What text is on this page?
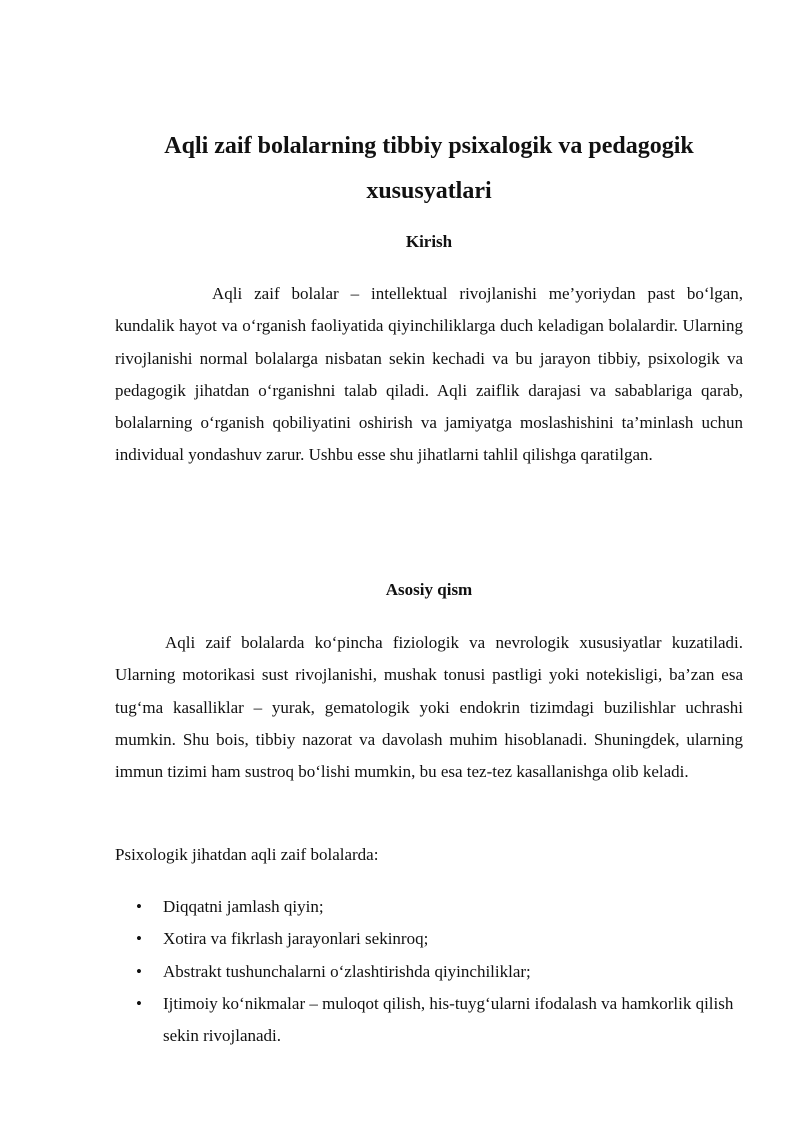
Aqli zaif bolalarning tibbiy psixalogik va pedagogik xususyatlari
Kirish

Aqli zaif bolalar – intellektual rivojlanishi me’yoriydan past bo‘lgan, kundalik hayot va o‘rganish faoliyatida qiyinchiliklarga duch keladigan bolalardir. Ularning rivojlanishi normal bolalarga nisbatan sekin kechadi va bu jarayon tibbiy, psixologik va pedagogik jihatdan o‘rganishni talab qiladi. Aqli zaiflik darajasi va sabablariga qarab, bolalarning o‘rganish qobiliyatini oshirish va jamiyatga moslashishini ta’minlash uchun individual yondashuv zarur. Ushbu esse shu jihatlarni tahlil qilishga qaratilgan.

Asosiy qism

Aqli zaif bolalarda ko‘pincha fiziologik va nevrologik xususiyatlar kuzatiladi. Ularning motorikasi sust rivojlanishi, mushak tonusi pastligi yoki notekisligi, ba’zan esa tug‘ma kasalliklar – yurak, gematologik yoki endokrin tizimdagi buzilishlar uchrashi mumkin. Shu bois, tibbiy nazorat va davolash muhim hisoblanadi. Shuningdek, ularning immun tizimi ham sustroq bo‘lishi mumkin, bu esa tez-tez kasallanishga olib keladi.

Psixologik jihatdan aqli zaif bolalarda:

• Diqqatni jamlash qiyin;
• Xotira va fikrlash jarayonlari sekinroq;
• Abstrakt tushunchalarni o‘zlashtirishda qiyinchiliklar;
• Ijtimoiy ko‘nikmalar – muloqot qilish, his-tuyg‘ularni ifodalash va hamkorlik qilish sekin rivojlanadi.
